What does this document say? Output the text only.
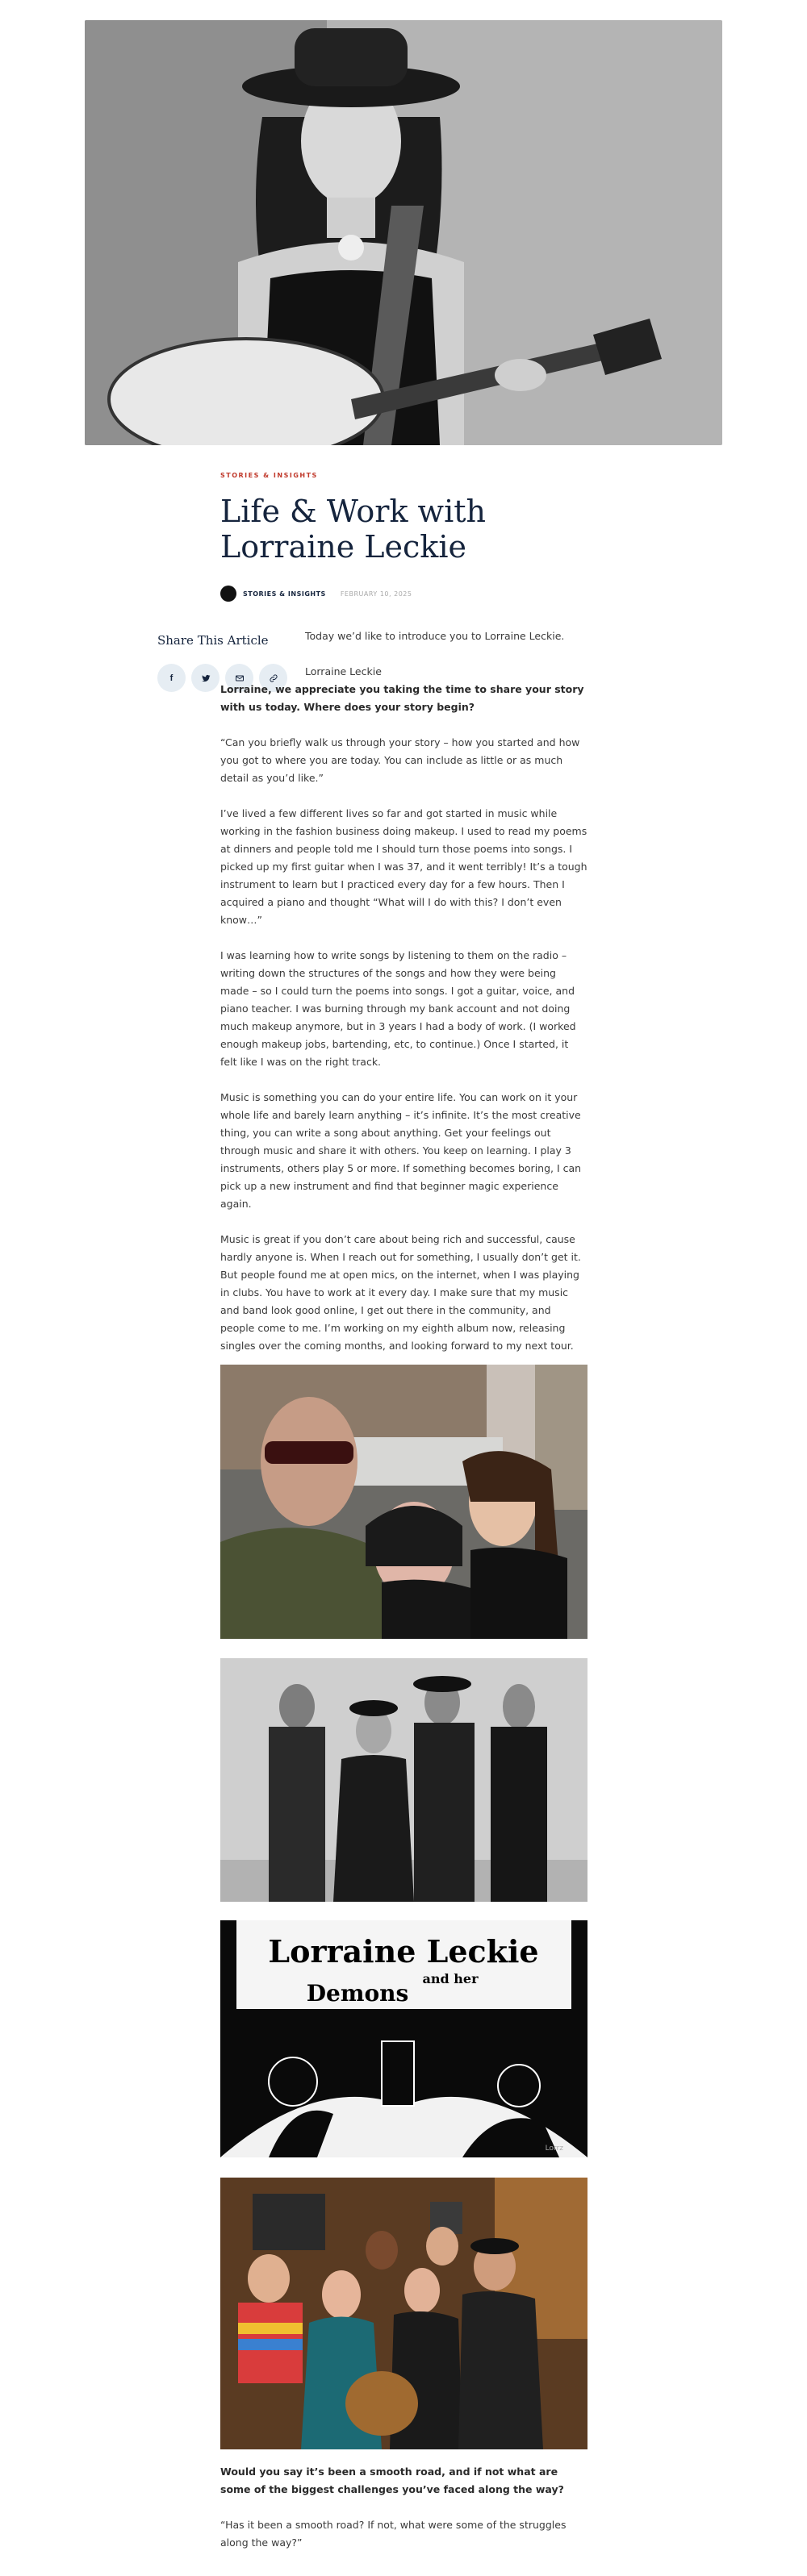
STORIES & INSIGHTS
Life & Work with Lorraine Leckie
STORIES & INSIGHTS FEBRUARY 10, 2025
Share This Article
f

Today we’d like to introduce you to Lorraine Leckie.

Lorraine Leckie

Lorraine, we appreciate you taking the time to share your story with us today. Where does your story begin?

“Can you briefly walk us through your story – how you started and how you got to where you are today. You can include as little or as much detail as you’d like.”

I’ve lived a few different lives so far and got started in music while working in the fashion business doing makeup. I used to read my poems at dinners and people told me I should turn those poems into songs. I picked up my first guitar when I was 37, and it went terribly! It’s a tough instrument to learn but I practiced every day for a few hours. Then I acquired a piano and thought “What will I do with this? I don’t even know…”

I was learning how to write songs by listening to them on the radio – writing down the structures of the songs and how they were being made – so I could turn the poems into songs. I got a guitar, voice, and piano teacher. I was burning through my bank account and not doing much makeup anymore, but in 3 years I had a body of work. (I worked enough makeup jobs, bartending, etc, to continue.) Once I started, it felt like I was on the right track.

Music is something you can do your entire life. You can work on it your whole life and barely learn anything – it’s infinite. It’s the most creative thing, you can write a song about anything. Get your feelings out through music and share it with others. You keep on learning. I play 3 instruments, others play 5 or more. If something becomes boring, I can pick up a new instrument and find that beginner magic experience again.

Music is great if you don’t care about being rich and successful, cause hardly anyone is. When I reach out for something, I usually don’t get it. But people found me at open mics, on the internet, when I was playing in clubs. You have to work at it every day. I make sure that my music and band look good online, I get out there in the community, and people come to me. I’m working on my eighth album now, releasing singles over the coming months, and looking forward to my next tour.

Lorraine Leckie
and her
Demons
Lorrz

Would you say it’s been a smooth road, and if not what are some of the biggest challenges you’ve faced along the way?

“Has it been a smooth road? If not, what were some of the struggles along the way?”
